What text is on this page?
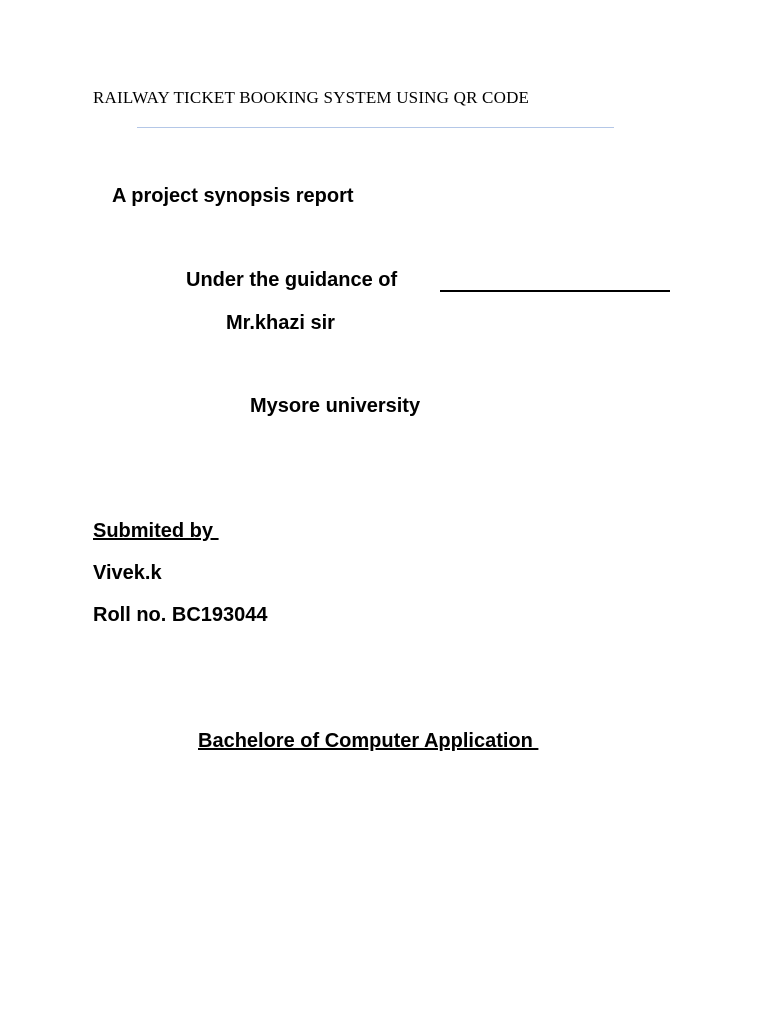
RAILWAY TICKET BOOKING SYSTEM USING QR CODE
A project synopsis report
Under the guidance of
Mr.khazi sir
Mysore university
Submited by
Vivek.k
Roll no. BC193044
Bachelore of Computer Application
